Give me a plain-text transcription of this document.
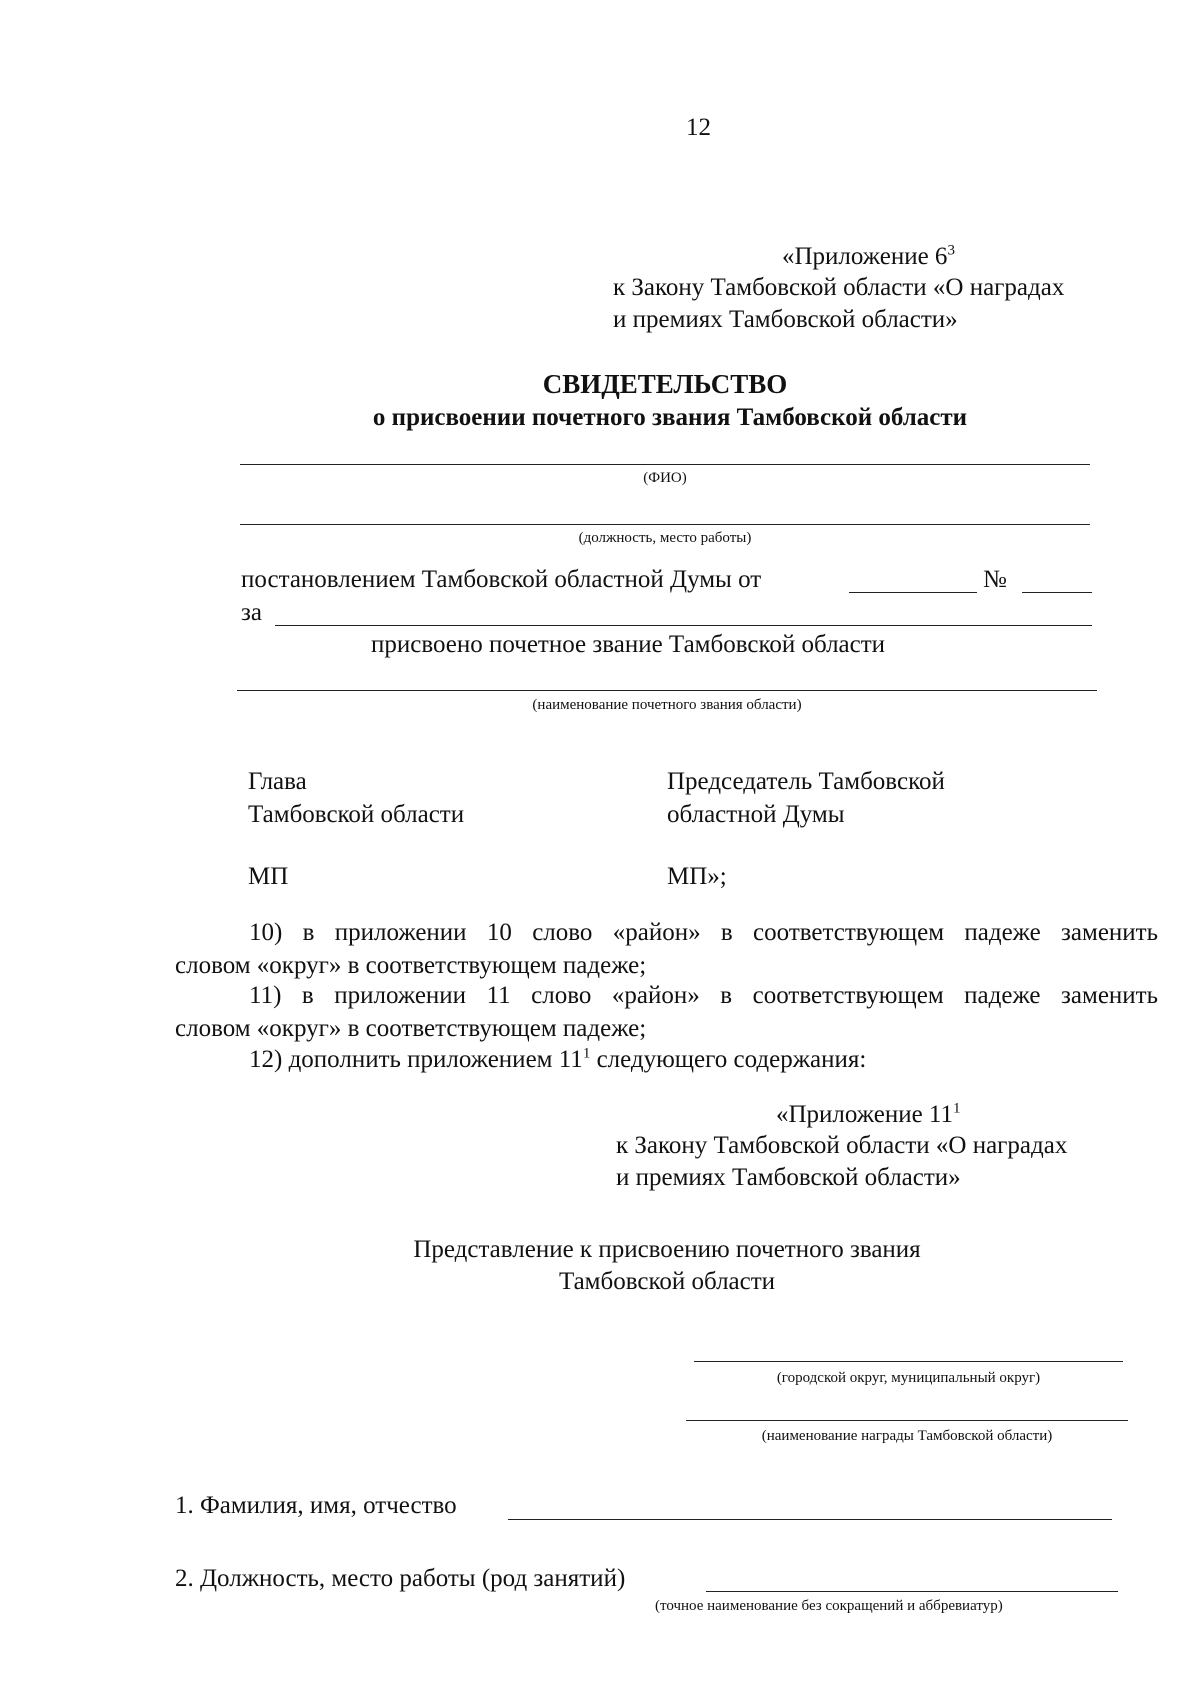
12
«Приложение $6^3$
к Закону Тамбовской области «О наградах
и премиях Тамбовской области»
СВИДЕТЕЛЬСТВО
о присвоении почетного звания Тамбовской области
(ФИО)
(должность, место работы)
постановлением Тамбовской областной Думы от	№
за
присвоено почетное звание Тамбовской области
(наименование почетного звания области)
Глава
Тамбовской области
Председатель Тамбовской
областной Думы
МП	МП»;
10) в приложении 10 слово «район» в соответствующем падеже заменить
словом «округ» в соответствующем падеже;
11) в приложении 11 слово «район» в соответствующем падеже заменить
словом «округ» в соответствующем падеже;
12) дополнить приложением $11^1$ следующего содержания:
«Приложение $11^1$
к Закону Тамбовской области «О наградах
и премиях Тамбовской области»
Представление к присвоению почетного звания
Тамбовской области
(городской округ, муниципальный округ)
(наименование награды Тамбовской области)
1. Фамилия, имя, отчество
2. Должность, место работы (род занятий)
(точное наименование без сокращений и аббревиатур)
